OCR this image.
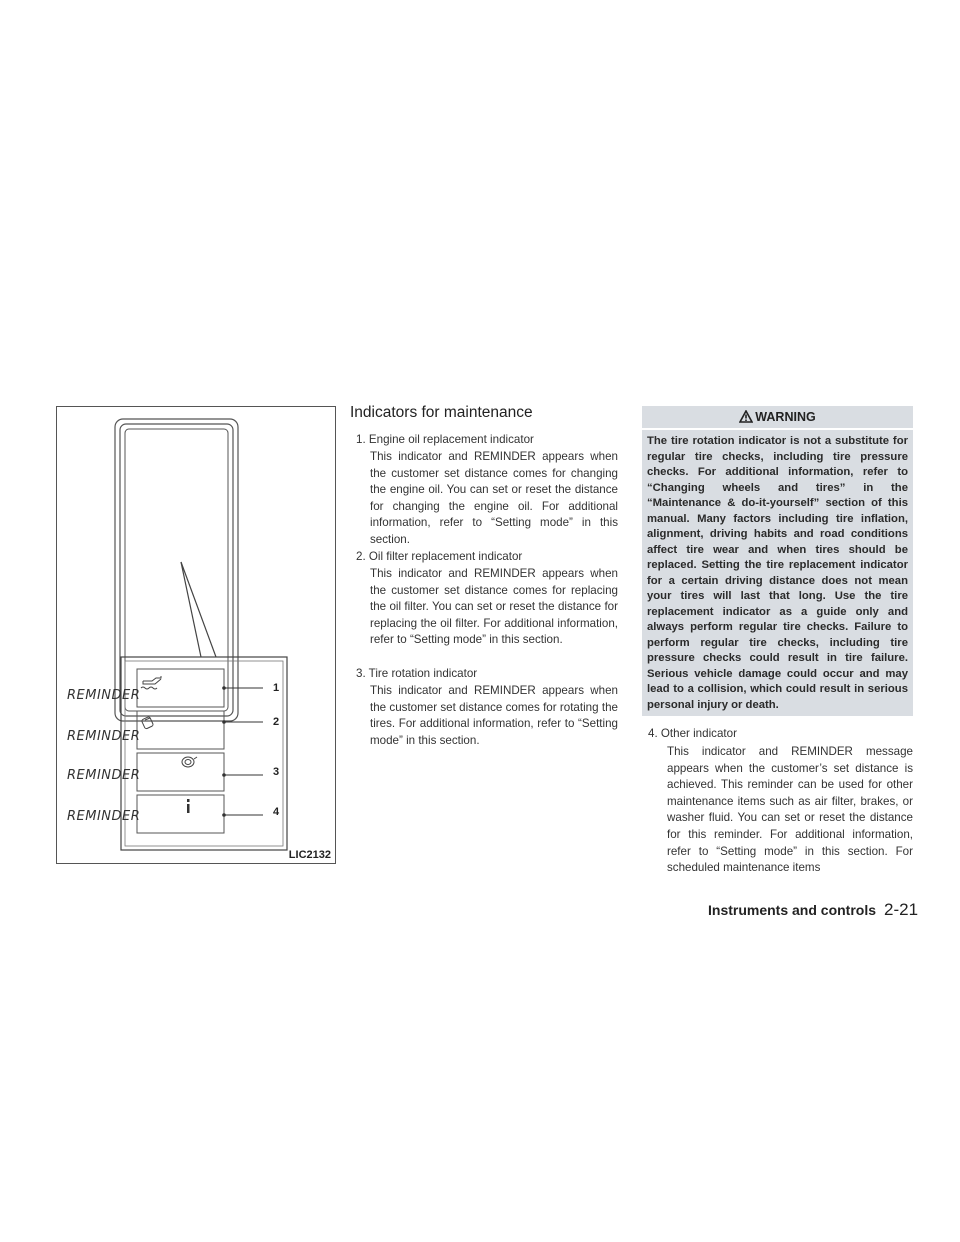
REMINDER
REMINDER
REMINDER
REMINDER
1
2
3
4
LIC2132
Indicators for maintenance
1. Engine oil replacement indicator
This indicator and REMINDER appears when the customer set distance comes for changing the engine oil. You can set or reset the distance for changing the engine oil. For additional information, refer to “Setting mode” in this section.
2. Oil filter replacement indicator
This indicator and REMINDER appears when the customer set distance comes for replacing the oil filter. You can set or reset the distance for replacing the oil filter. For additional information, refer to “Setting mode” in this section.
3. Tire rotation indicator
This indicator and REMINDER appears when the customer set distance comes for rotating the tires. For additional information, refer to “Setting mode” in this section.
WARNING
The tire rotation indicator is not a substitute for regular tire checks, including tire pressure checks. For additional information, refer to “Changing wheels and tires” in the “Maintenance & do-it-yourself” section of this manual. Many factors including tire inflation, alignment, driving habits and road conditions affect tire wear and when tires should be replaced. Setting the tire replacement indicator for a certain driving distance does not mean your tires will last that long. Use the tire replacement indicator as a guide only and always perform regular tire checks. Failure to perform regular tire checks, including tire pressure checks could result in tire failure. Serious vehicle damage could occur and may lead to a collision, which could result in serious personal injury or death.
4. Other indicator
This indicator and REMINDER message appears when the customer’s set distance is achieved. This reminder can be used for other maintenance items such as air filter, brakes, or washer fluid. You can set or reset the distance for this reminder. For additional information, refer to “Setting mode” in this section. For scheduled maintenance items
Instruments and controls 2-21
